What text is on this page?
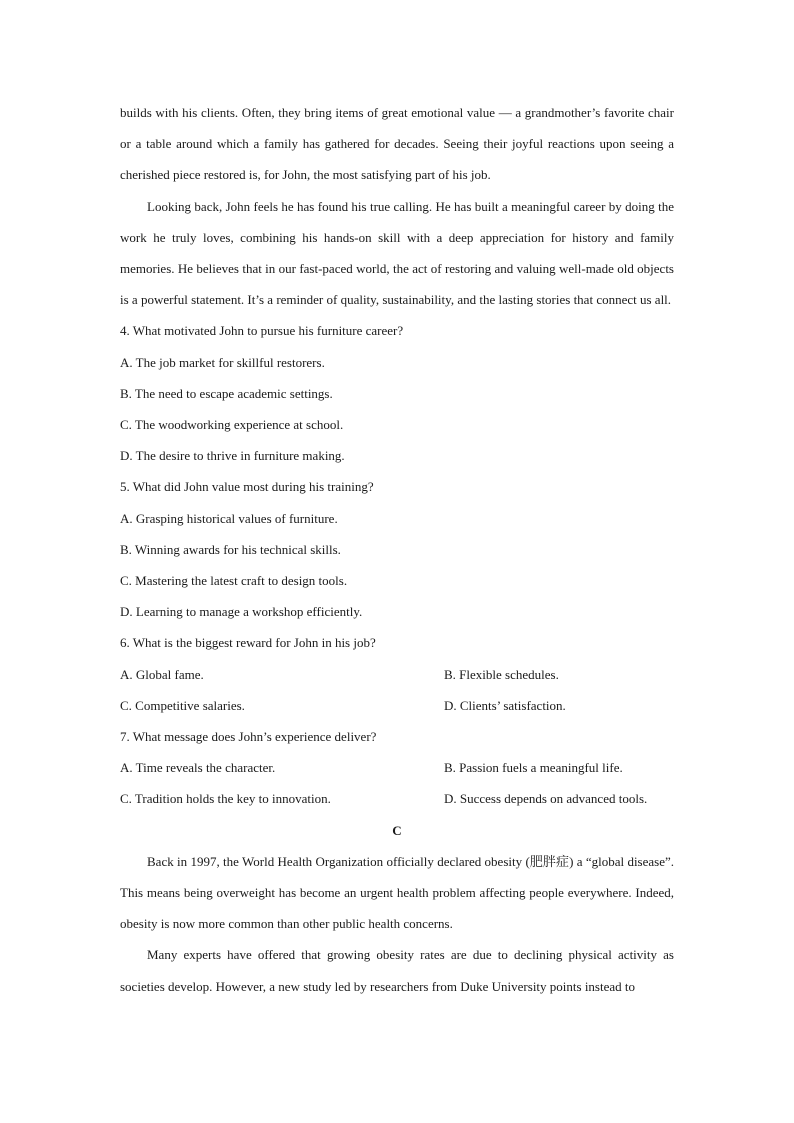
builds with his clients. Often, they bring items of great emotional value — a grandmother’s favorite chair or a table around which a family has gathered for decades. Seeing their joyful reactions upon seeing a cherished piece restored is, for John, the most satisfying part of his job.

Looking back, John feels he has found his true calling. He has built a meaningful career by doing the work he truly loves, combining his hands-on skill with a deep appreciation for history and family memories. He believes that in our fast-paced world, the act of restoring and valuing well-made old objects is a powerful statement. It’s a reminder of quality, sustainability, and the lasting stories that connect us all.

4. What motivated John to pursue his furniture career?

A. The job market for skillful restorers.

B. The need to escape academic settings.

C. The woodworking experience at school.

D. The desire to thrive in furniture making.

5. What did John value most during his training?

A. Grasping historical values of furniture.

B. Winning awards for his technical skills.

C. Mastering the latest craft to design tools.

D. Learning to manage a workshop efficiently.

6. What is the biggest reward for John in his job?

A. Global fame.	B. Flexible schedules.
C. Competitive salaries.	D. Clients’ satisfaction.

7. What message does John’s experience deliver?

A. Time reveals the character.	B. Passion fuels a meaningful life.
C. Tradition holds the key to innovation.	D. Success depends on advanced tools.

C

Back in 1997, the World Health Organization officially declared obesity (肥胖症) a “global disease”. This means being overweight has become an urgent health problem affecting people everywhere. Indeed, obesity is now more common than other public health concerns.

Many experts have offered that growing obesity rates are due to declining physical activity as societies develop. However, a new study led by researchers from Duke University points instead to
